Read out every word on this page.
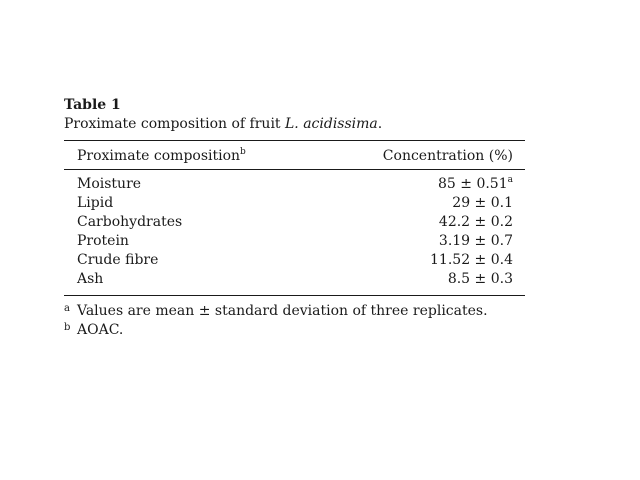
Table 1
Proximate composition of fruit L. acidissima.
Proximate composition$^b$	Concentration (%)
Moisture	85 ± 0.51$^a$
Lipid	29 ± 0.1
Carbohydrates	42.2 ± 0.2
Protein	3.19 ± 0.7
Crude fibre	11.52 ± 0.4
Ash	8.5 ± 0.3
a Values are mean ± standard deviation of three replicates.
b AOAC.
